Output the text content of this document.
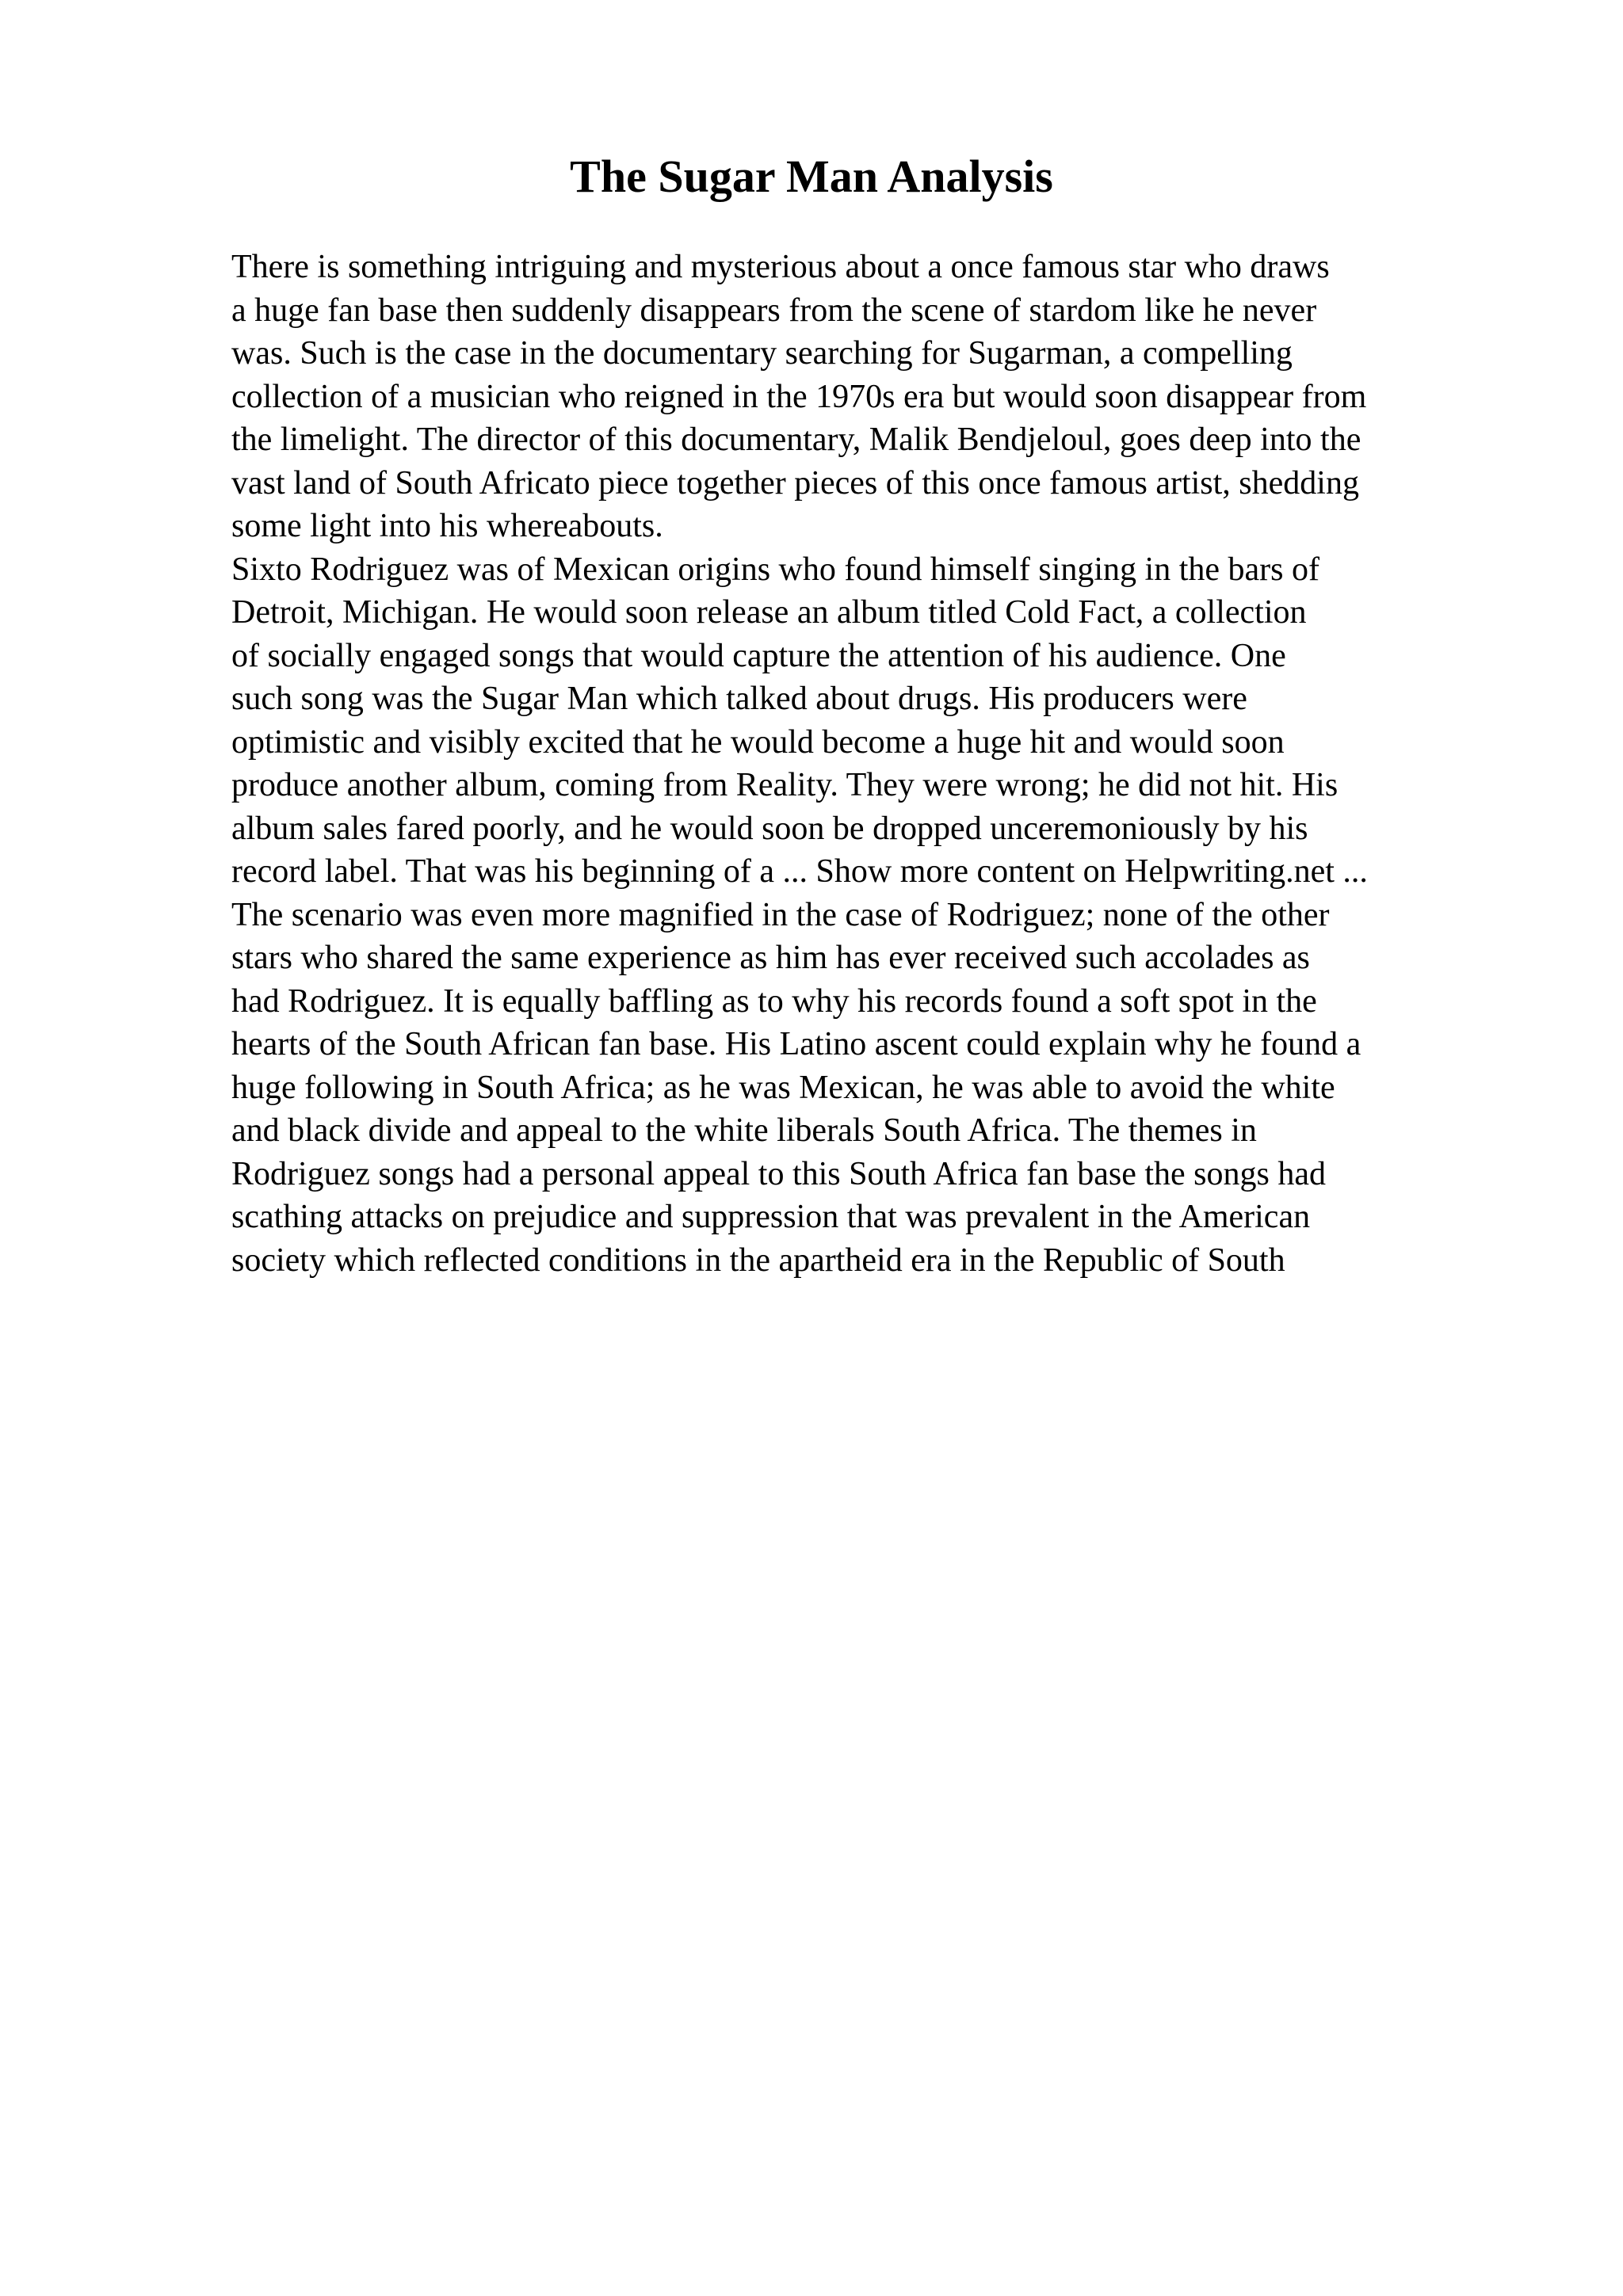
The Sugar Man Analysis
There is something intriguing and mysterious about a once famous star who draws
a huge fan base then suddenly disappears from the scene of stardom like he never
was. Such is the case in the documentary searching for Sugarman, a compelling
collection of a musician who reigned in the 1970s era but would soon disappear from
the limelight. The director of this documentary, Malik Bendjeloul, goes deep into the
vast land of South Africato piece together pieces of this once famous artist, shedding
some light into his whereabouts.
Sixto Rodriguez was of Mexican origins who found himself singing in the bars of
Detroit, Michigan. He would soon release an album titled Cold Fact, a collection
of socially engaged songs that would capture the attention of his audience. One
such song was the Sugar Man which talked about drugs. His producers were
optimistic and visibly excited that he would become a huge hit and would soon
produce another album, coming from Reality. They were wrong; he did not hit. His
album sales fared poorly, and he would soon be dropped unceremoniously by his
record label. That was his beginning of a ... Show more content on Helpwriting.net ...
The scenario was even more magnified in the case of Rodriguez; none of the other
stars who shared the same experience as him has ever received such accolades as
had Rodriguez. It is equally baffling as to why his records found a soft spot in the
hearts of the South African fan base. His Latino ascent could explain why he found a
huge following in South Africa; as he was Mexican, he was able to avoid the white
and black divide and appeal to the white liberals South Africa. The themes in
Rodriguez songs had a personal appeal to this South Africa fan base the songs had
scathing attacks on prejudice and suppression that was prevalent in the American
society which reflected conditions in the apartheid era in the Republic of South
